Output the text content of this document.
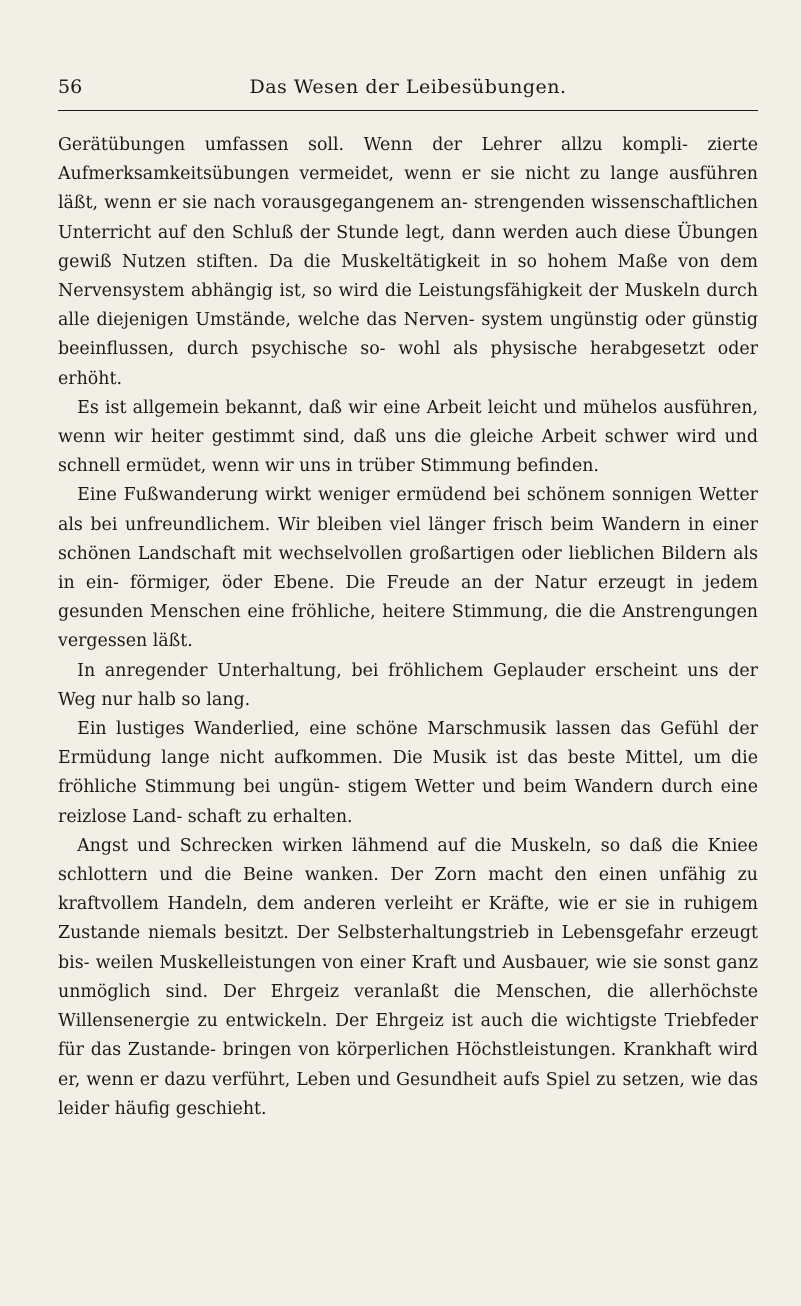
56	Das Wesen der Leibesübungen.

Gerätübungen umfassen soll. Wenn der Lehrer allzu kompli- zierte Aufmerksamkeitsübungen vermeidet, wenn er sie nicht zu lange ausführen läßt, wenn er sie nach vorausgegangenem an- strengenden wissenschaftlichen Unterricht auf den Schluß der Stunde legt, dann werden auch diese Übungen gewiß Nutzen stiften. Da die Muskeltätigkeit in so hohem Maße von dem Nervensystem abhängig ist, so wird die Leistungsfähigkeit der Muskeln durch alle diejenigen Umstände, welche das Nerven- system ungünstig oder günstig beeinflussen, durch psychische so- wohl als physische herabgesetzt oder erhöht.

Es ist allgemein bekannt, daß wir eine Arbeit leicht und mühelos ausführen, wenn wir heiter gestimmt sind, daß uns die gleiche Arbeit schwer wird und schnell ermüdet, wenn wir uns in trüber Stimmung befinden.

Eine Fußwanderung wirkt weniger ermüdend bei schönem sonnigen Wetter als bei unfreundlichem. Wir bleiben viel länger frisch beim Wandern in einer schönen Landschaft mit wechselvollen großartigen oder lieblichen Bildern als in ein- förmiger, öder Ebene. Die Freude an der Natur erzeugt in jedem gesunden Menschen eine fröhliche, heitere Stimmung, die die Anstrengungen vergessen läßt.

In anregender Unterhaltung, bei fröhlichem Geplauder erscheint uns der Weg nur halb so lang.

Ein lustiges Wanderlied, eine schöne Marschmusik lassen das Gefühl der Ermüdung lange nicht aufkommen. Die Musik ist das beste Mittel, um die fröhliche Stimmung bei ungün- stigem Wetter und beim Wandern durch eine reizlose Land- schaft zu erhalten.

Angst und Schrecken wirken lähmend auf die Muskeln, so daß die Kniee schlottern und die Beine wanken. Der Zorn macht den einen unfähig zu kraftvollem Handeln, dem anderen verleiht er Kräfte, wie er sie in ruhigem Zustande niemals besitzt. Der Selbsterhaltungstrieb in Lebensgefahr erzeugt bis- weilen Muskelleistungen von einer Kraft und Ausbauer, wie sie sonst ganz unmöglich sind. Der Ehrgeiz veranlaßt die Menschen, die allerhöchste Willensenergie zu entwickeln. Der Ehrgeiz ist auch die wichtigste Triebfeder für das Zustande- bringen von körperlichen Höchstleistungen. Krankhaft wird er, wenn er dazu verführt, Leben und Gesundheit aufs Spiel zu setzen, wie das leider häufig geschieht.
